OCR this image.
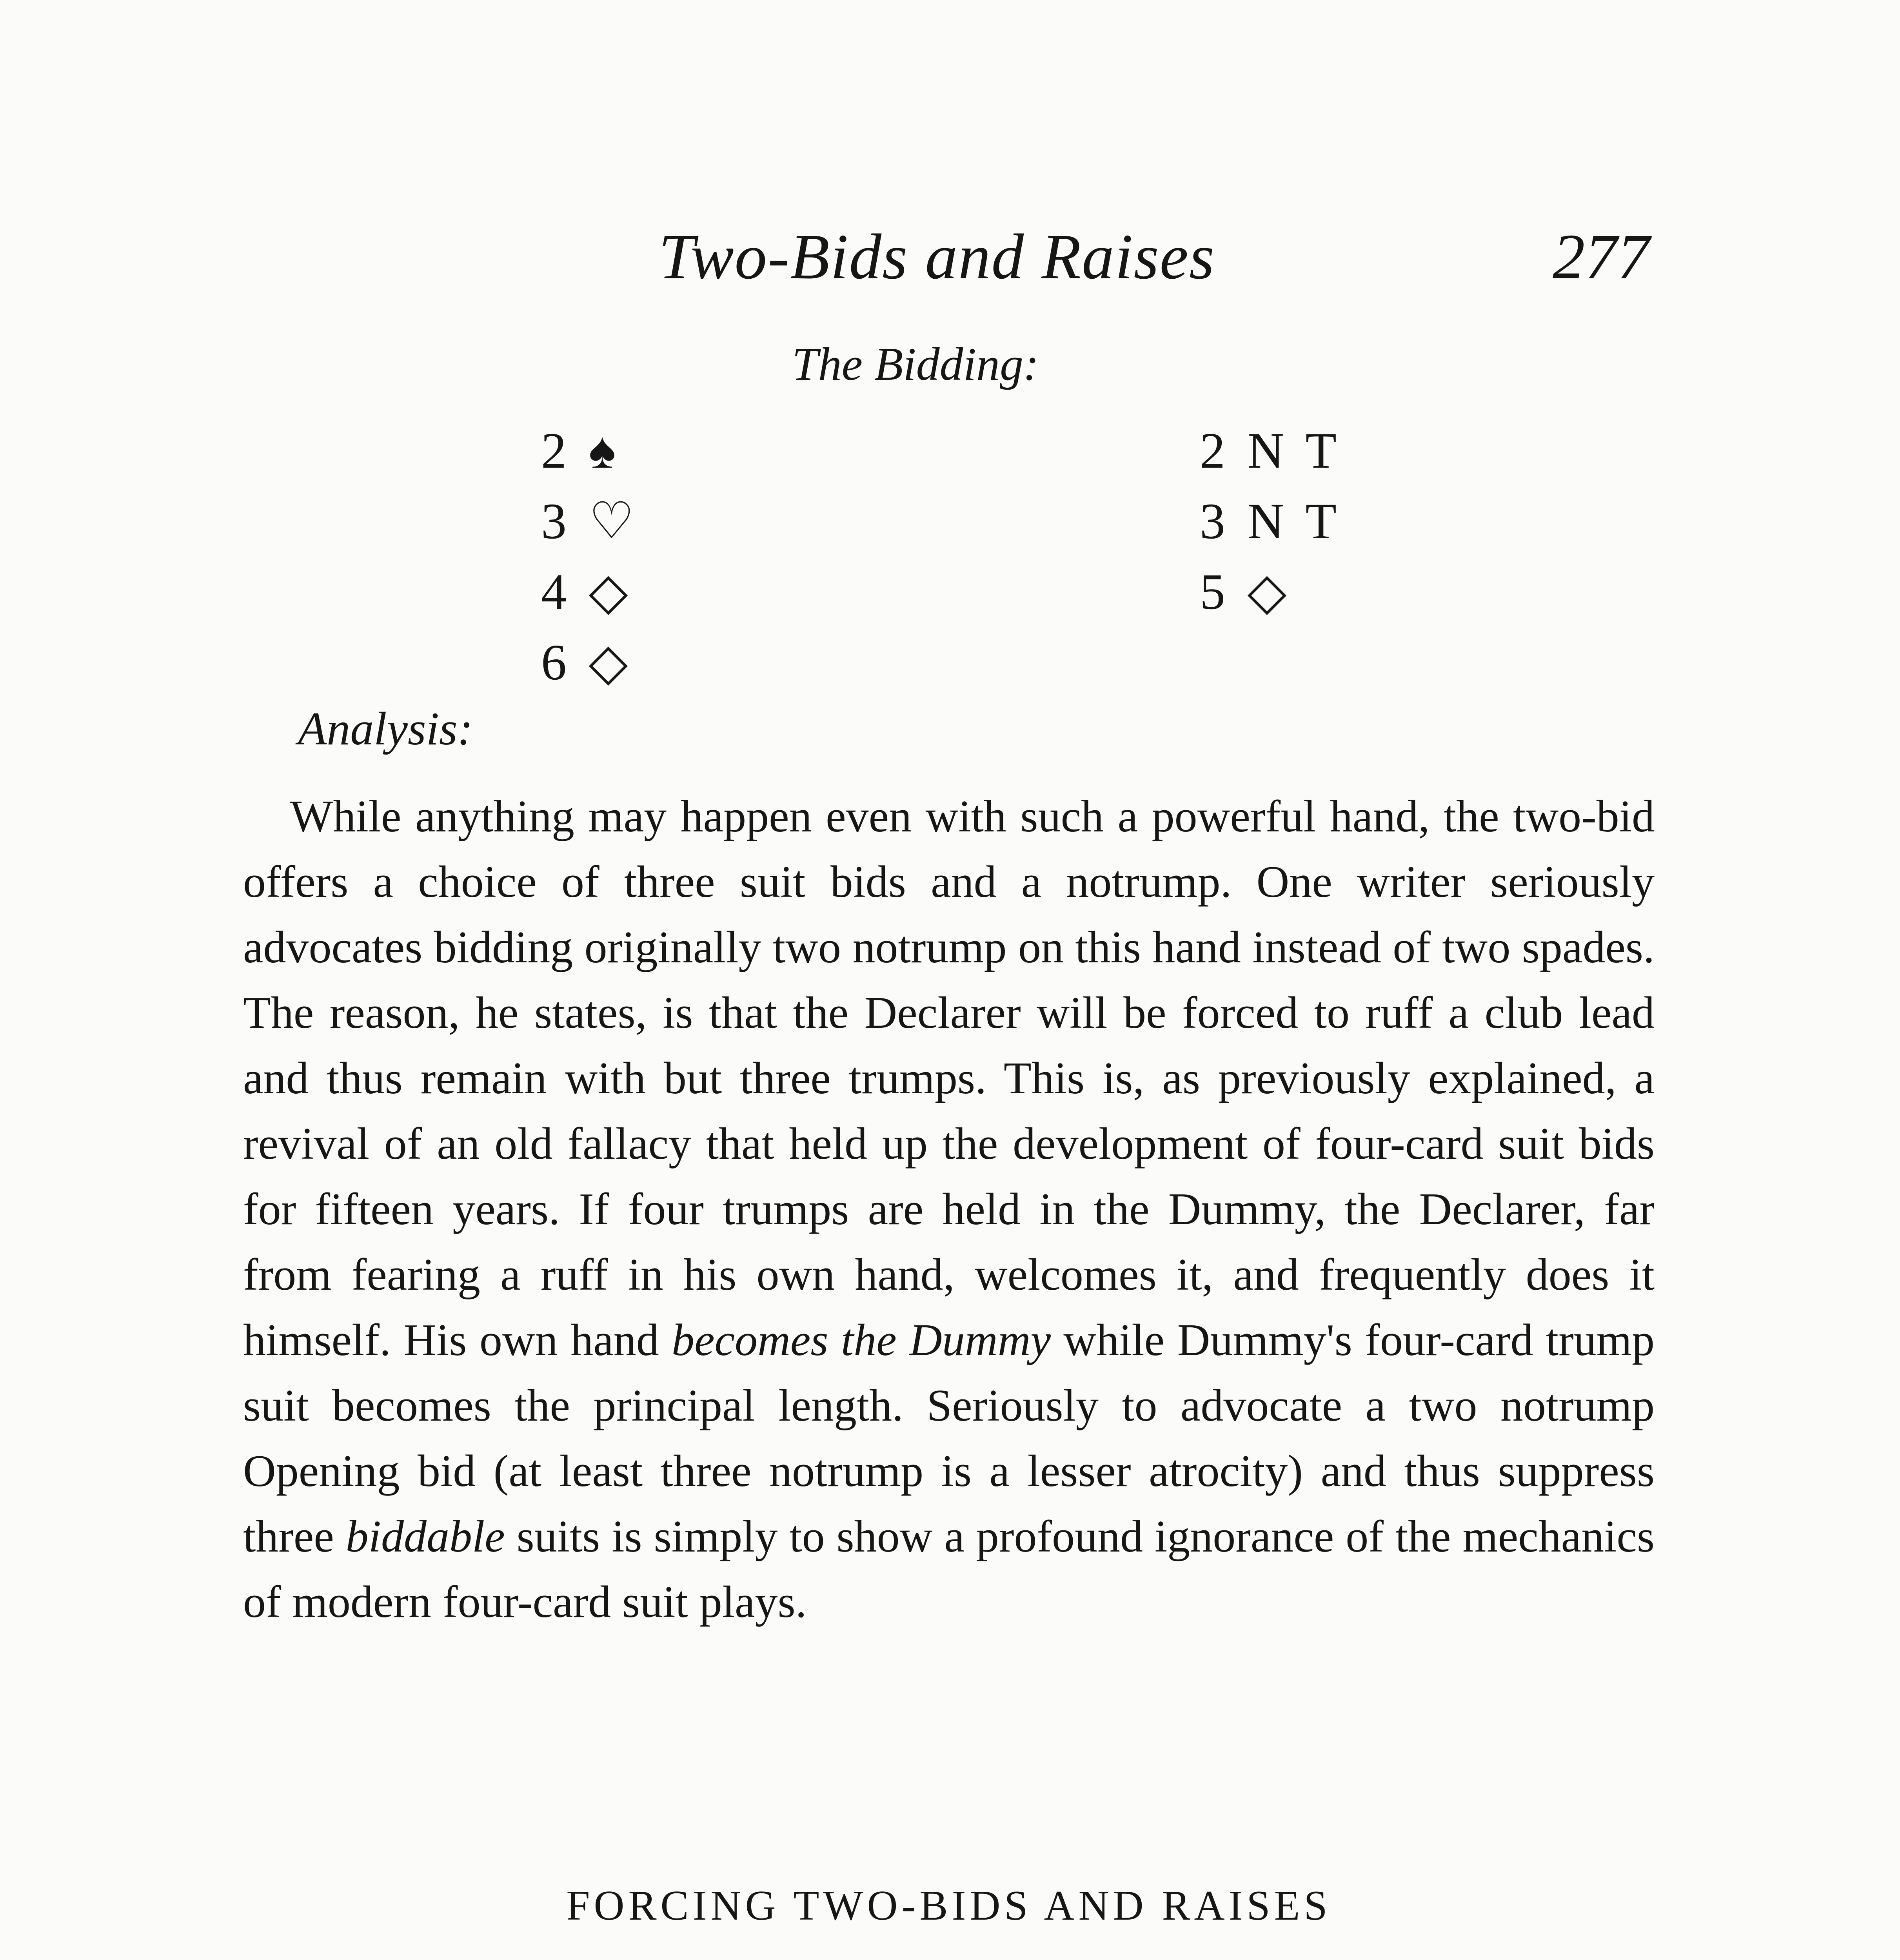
Two-Bids and Raises	277
The Bidding:
2 ♠
3 ♡
4 ◇
6 ◇
2 N T
3 N T
5 ◇
Analysis:

While anything may happen even with such a powerful hand, the two-bid offers a choice of three suit bids and a notrump. One writer seriously advocates bidding originally two notrump on this hand instead of two spades. The reason, he states, is that the Declarer will be forced to ruff a club lead and thus remain with but three trumps. This is, as previously explained, a revival of an old fallacy that held up the development of four-card suit bids for fifteen years. If four trumps are held in the Dummy, the Declarer, far from fearing a ruff in his own hand, welcomes it, and frequently does it himself. His own hand becomes the Dummy while Dummy's four-card trump suit becomes the principal length. Seriously to advocate a two notrump Opening bid (at least three notrump is a lesser atrocity) and thus suppress three biddable suits is simply to show a profound ignorance of the mechanics of modern four-card suit plays.

FORCING TWO-BIDS AND RAISES
